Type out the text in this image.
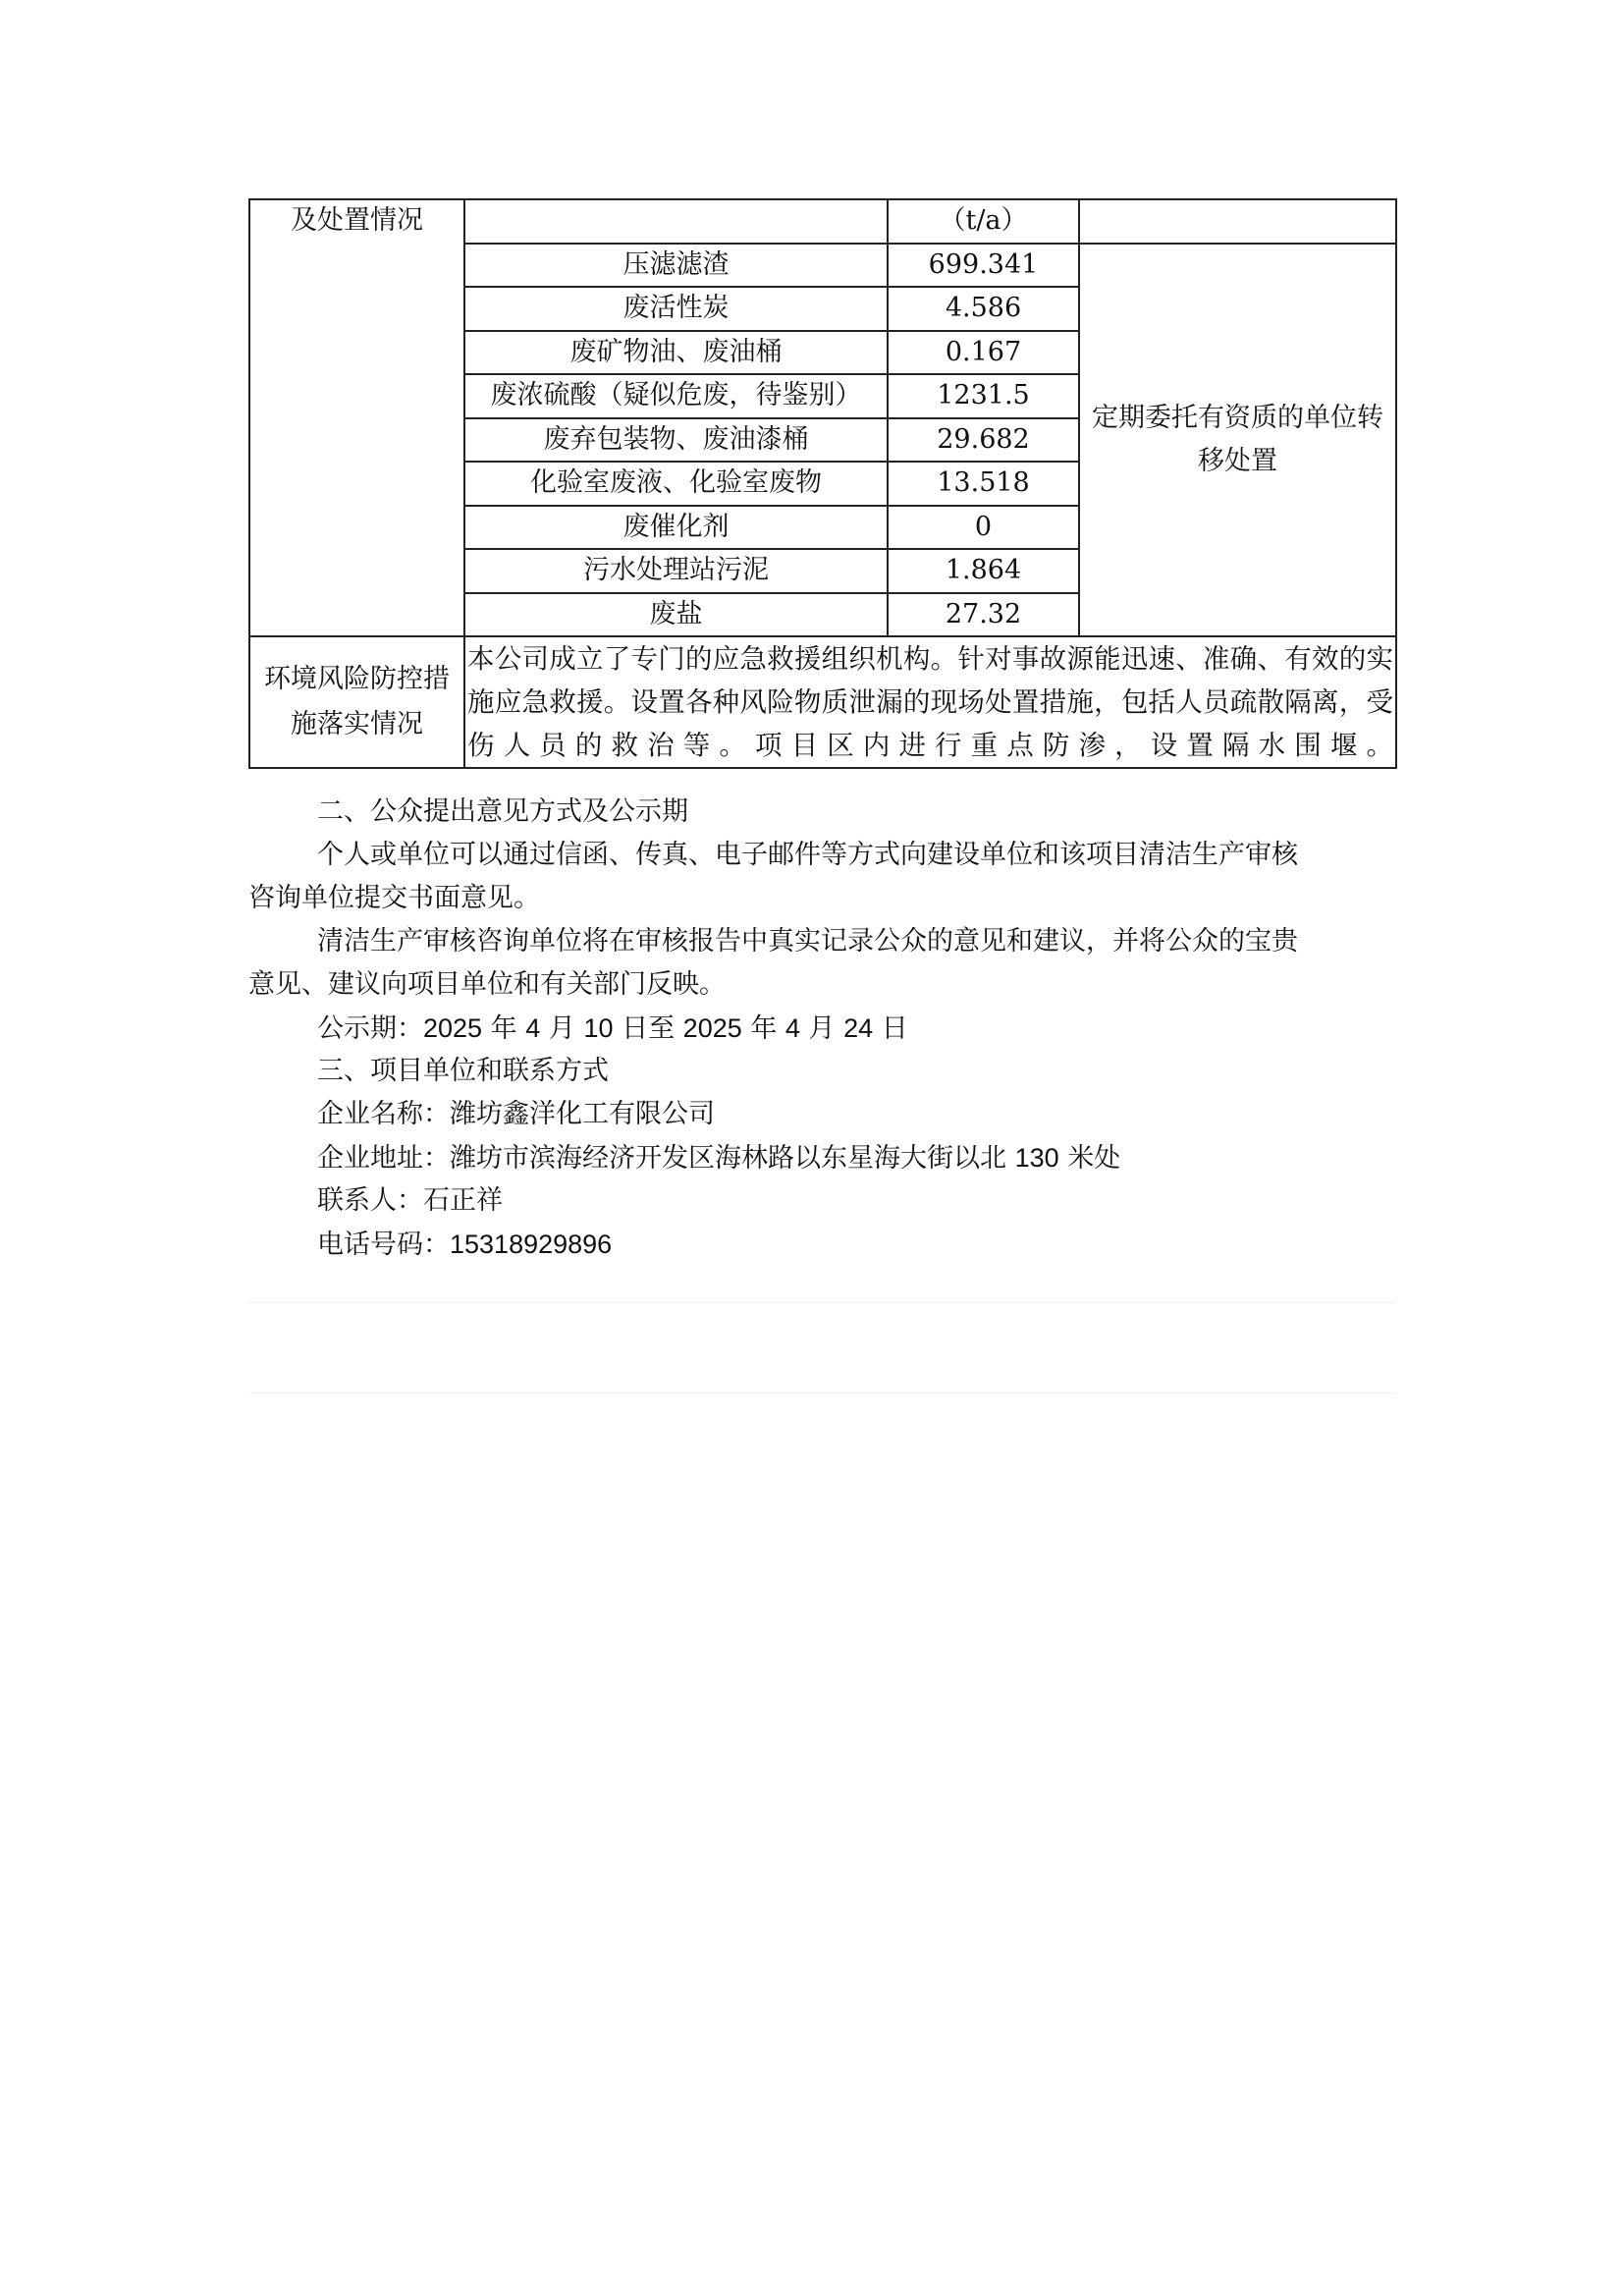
及处置情况		（t/a）	
	压滤滤渣	699.341	定期委托有资质的单位转移处置
	废活性炭	4.586	
	废矿物油、废油桶	0.167	
	废浓硫酸（疑似危废，待鉴别）	1231.5	
	废弃包装物、废油漆桶	29.682	
	化验室废液、化验室废物	13.518	
	废催化剂	0	
	污水处理站污泥	1.864	
	废盐	27.32	
环境风险防控措施落实情况	本公司成立了专门的应急救援组织机构。针对事故源能迅速、准确、有效的实施应急救援。设置各种风险物质泄漏的现场处置措施，包括人员疏散隔离，受伤人员的救治等。项目区内进行重点防渗，设置隔水围堰。		
二、公众提出意见方式及公示期
个人或单位可以通过信函、传真、电子邮件等方式向建设单位和该项目清洁生产审核
咨询单位提交书面意见。
清洁生产审核咨询单位将在审核报告中真实记录公众的意见和建议，并将公众的宝贵
意见、建议向项目单位和有关部门反映。
公示期：2025 年 4 月 10 日至 2025 年 4 月 24 日
三、项目单位和联系方式
企业名称：潍坊鑫洋化工有限公司
企业地址：潍坊市滨海经济开发区海林路以东星海大街以北 130 米处
联系人：石正祥
电话号码：15318929896
